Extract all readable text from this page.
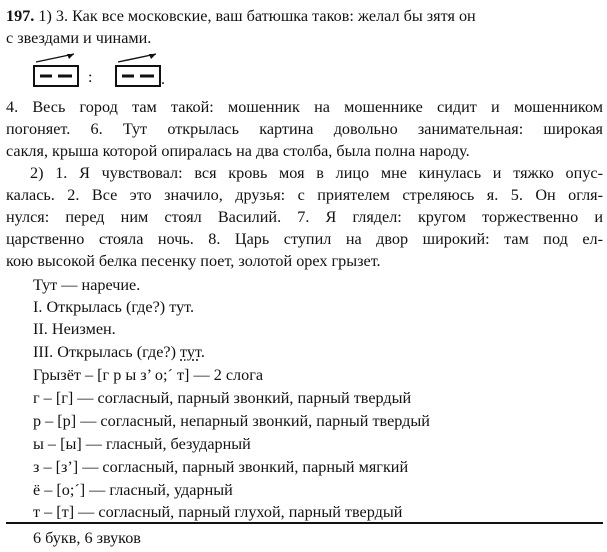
197. 1) 3. Как все московские, ваш батюшка таков: желал бы зятя он
с звездами и чинами.
:	.
4. Весь город там такой: мошенник на мошеннике сидит и мошенником
погоняет. 6. Тут открылась картина довольно занимательная: широкая
сакля, крыша которой опиралась на два столба, была полна народу.
2) 1. Я чувствовал: вся кровь моя в лицо мне кинулась и тяжко опус-
калась. 2. Все это значило, друзья: с приятелем стреляюсь я. 5. Он огля-
нулся: перед ним стоял Василий. 7. Я глядел: кругом торжественно и
царственно стояла ночь. 8. Царь ступил на двор широкий: там под ел-
кою высокой белка песенку поет, золотой орех грызет.
Тут — наречие.
I. Открылась (где?) тут.
II. Неизмен.
III. Открылась (где?) тут.
Грызёт – [г р ы з’ о;´ т] — 2 слога
г – [г] — согласный, парный звонкий, парный твердый
р – [р] — согласный, непарный звонкий, парный твердый
ы – [ы] — гласный, безударный
з – [з’] — согласный, парный звонкий, парный мягкий
ё – [о;´] — гласный, ударный
т – [т] — согласный, парный глухой, парный твердый
6 букв, 6 звуков
